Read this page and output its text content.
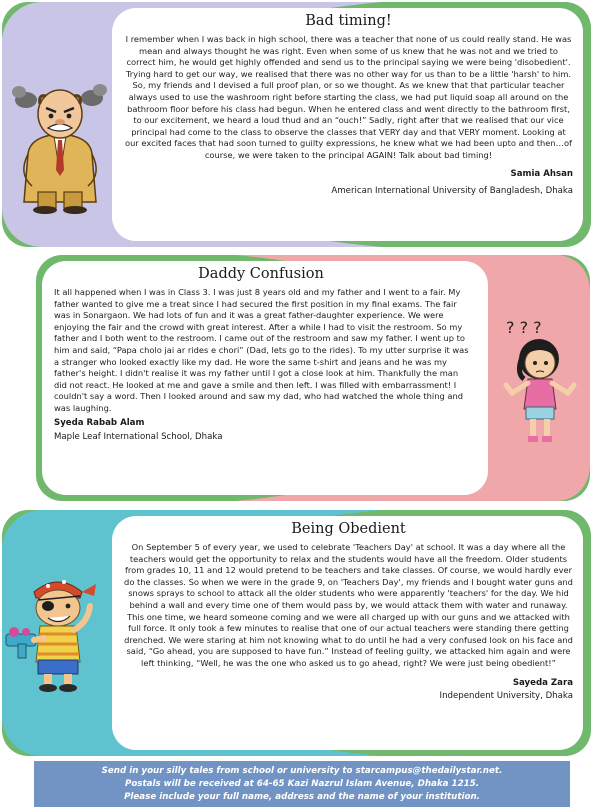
Bad timing!
I remember when I was back in high school, there was a teacher that none of us could really stand. He was mean and always thought he was right. Even when some of us knew that he was not and we tried to correct him, he would get highly offended and send us to the principal saying we were being 'disobedient'. Trying hard to get our way, we realised that there was no other way for us than to be a little 'harsh' to him. So, my friends and I devised a full proof plan, or so we thought. As we knew that that particular teacher always used to use the washroom right before starting the class, we had put liquid soap all around on the bathroom floor before his class had begun. When he entered class and went directly to the bathroom first, to our excitement, we heard a loud thud and an “ouch!” Sadly, right after that we realised that our vice principal had come to the class to observe the classes that VERY day and that VERY moment. Looking at our excited faces that had soon turned to guilty expressions, he knew what we had been upto and then…of course, we were taken to the principal AGAIN! Talk about bad timing!
Samia Ahsan
American International University of Bangladesh, Dhaka
Daddy Confusion
It all happened when I was in Class 3. I was just 8 years old and my father and I went to a fair. My father wanted to give me a treat since I had secured the first position in my final exams. The fair was in Sonargaon. We had lots of fun and it was a great father-daughter experience. We were enjoying the fair and the crowd with great interest. After a while I had to visit the restroom. So my father and I both went to the restroom. I came out of the restroom and saw my father. I went up to him and said, “Papa cholo jai ar rides e chori” (Dad, lets go to the rides). To my utter surprise it was a stranger who looked exactly like my dad. He wore the same t-shirt and jeans and he was my father's height. I didn't realise it was my father until I got a close look at him. Thankfully the man did not react. He looked at me and gave a smile and then left. I was filled with embarrassment! I couldn't say a word. Then I looked around and saw my dad, who had watched the whole thing and was laughing.
Syeda Rabab Alam
Maple Leaf International School, Dhaka
? ? ?
Being Obedient
On September 5 of every year, we used to celebrate 'Teachers Day' at school. It was a day where all the teachers would get the opportunity to relax and the students would have all the freedom. Older students from grades 10, 11 and 12 would pretend to be teachers and take classes. Of course, we would hardly ever do the classes. So when we were in the grade 9, on 'Teachers Day', my friends and I bought water guns and snows sprays to school to attack all the older students who were apparently 'teachers' for the day. We hid behind a wall and every time one of them would pass by, we would attack them with water and runaway. This one time, we heard someone coming and we were all charged up with our guns and we attacked with full force. It only took a few minutes to realise that one of our actual teachers were standing there getting drenched. We were staring at him not knowing what to do until he had a very confused look on his face and said, “Go ahead, you are supposed to have fun.” Instead of feeling guilty, we attacked him again and were left thinking, “Well, he was the one who asked us to go ahead, right? We were just being obedient!”
Sayeda Zara
Independent University, Dhaka
Send in your silly tales from school or university to starcampus@thedailystar.net.
Postals will be received at 64-65 Kazi Nazrul Islam Avenue, Dhaka 1215.
Please include your full name, address and the name of your institution.
